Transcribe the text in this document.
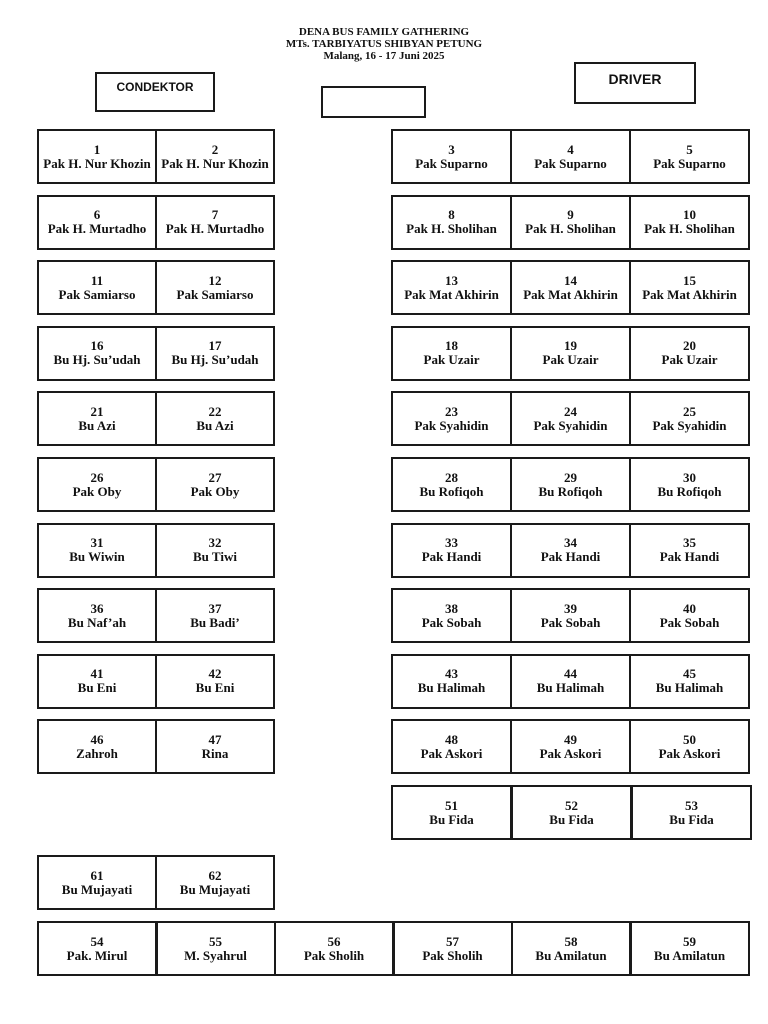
DENA BUS FAMILY GATHERING
MTs. TARBIYATUS SHIBYAN PETUNG
Malang, 16 - 17 Juni 2025
CONDEKTOR	DRIVER
1
Pak H. Nur Khozin
2
Pak H. Nur Khozin
6
Pak H. Murtadho
7
Pak H. Murtadho
11
Pak Samiarso
12
Pak Samiarso
16
Bu Hj. Su’udah
17
Bu Hj. Su’udah
21
Bu Azi
22
Bu Azi
26
Pak Oby
27
Pak Oby
31
Bu Wiwin
32
Bu Tiwi
36
Bu Naf’ah
37
Bu Badi’
41
Bu Eni
42
Bu Eni
46
Zahroh
47
Rina
3
Pak Suparno
4
Pak Suparno
5
Pak Suparno
8
Pak H. Sholihan
9
Pak H. Sholihan
10
Pak H. Sholihan
13
Pak Mat Akhirin
14
Pak Mat Akhirin
15
Pak Mat Akhirin
18
Pak Uzair
19
Pak Uzair
20
Pak Uzair
23
Pak Syahidin
24
Pak Syahidin
25
Pak Syahidin
28
Bu Rofiqoh
29
Bu Rofiqoh
30
Bu Rofiqoh
33
Pak Handi
34
Pak Handi
35
Pak Handi
38
Pak Sobah
39
Pak Sobah
40
Pak Sobah
43
Bu Halimah
44
Bu Halimah
45
Bu Halimah
48
Pak Askori
49
Pak Askori
50
Pak Askori
51
Bu Fida
52
Bu Fida
53
Bu Fida
61
Bu Mujayati
62
Bu Mujayati
54
Pak. Mirul
55
M. Syahrul
56
Pak Sholih
57
Pak Sholih
58
Bu Amilatun
59
Bu Amilatun
